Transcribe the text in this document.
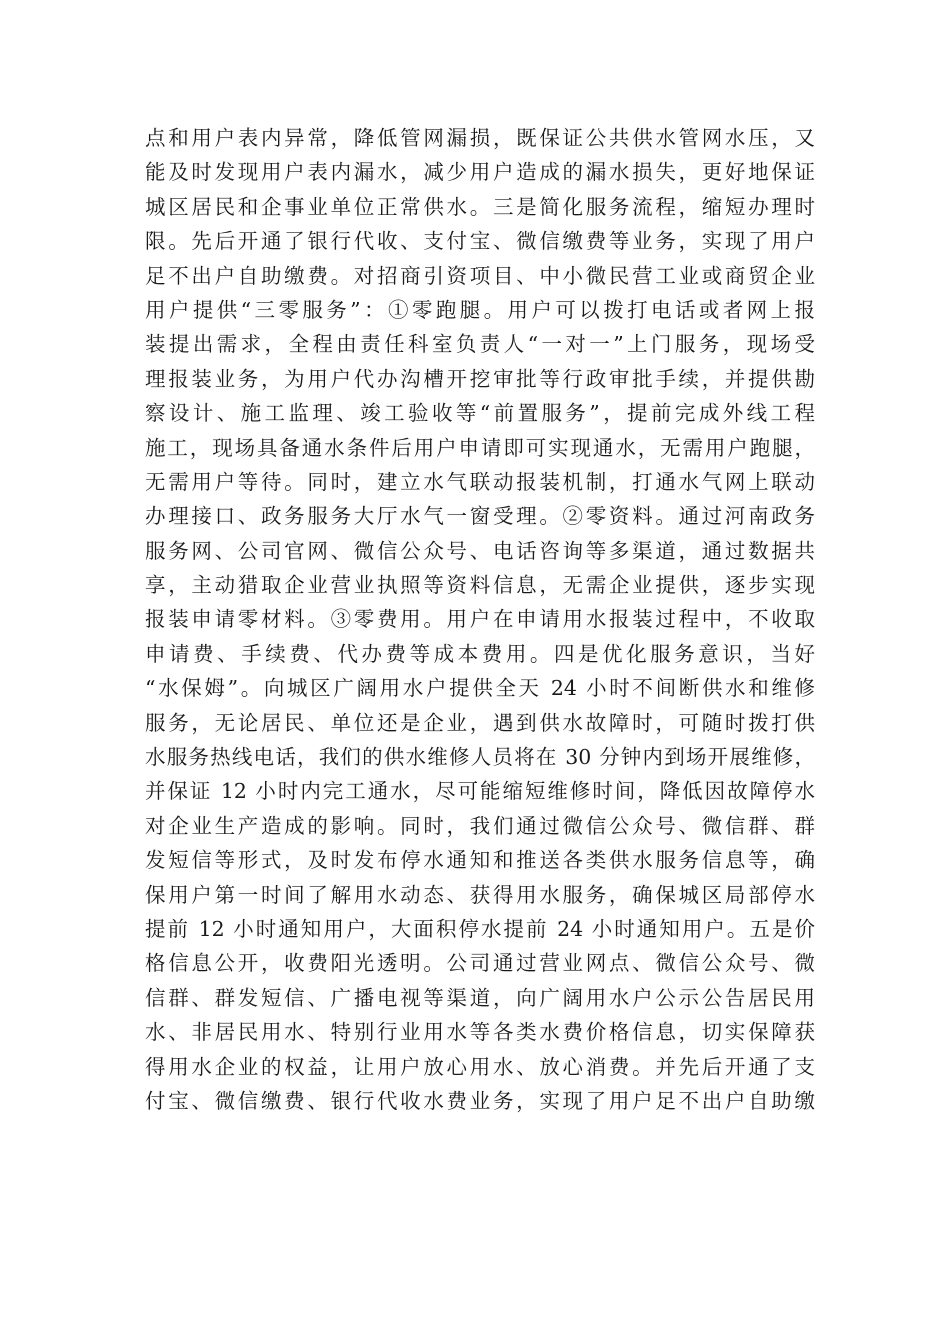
点和用户表内异常，降低管网漏损，既保证公共供水管网水压，又
能及时发现用户表内漏水，减少用户造成的漏水损失，更好地保证
城区居民和企事业单位正常供水。三是简化服务流程，缩短办理时
限。先后开通了银行代收、支付宝、微信缴费等业务，实现了用户
足不出户自助缴费。对招商引资项目、中小微民营工业或商贸企业
用户提供“三零服务”：①零跑腿。用户可以拨打电话或者网上报
装提出需求，全程由责任科室负责人“一对一”上门服务，现场受
理报装业务，为用户代办沟槽开挖审批等行政审批手续，并提供勘
察设计、施工监理、竣工验收等“前置服务”，提前完成外线工程
施工，现场具备通水条件后用户申请即可实现通水，无需用户跑腿，
无需用户等待。同时，建立水气联动报装机制，打通水气网上联动
办理接口、政务服务大厅水气一窗受理。②零资料。通过河南政务
服务网、公司官网、微信公众号、电话咨询等多渠道，通过数据共
享，主动猎取企业营业执照等资料信息，无需企业提供，逐步实现
报装申请零材料。③零费用。用户在申请用水报装过程中，不收取
申请费、手续费、代办费等成本费用。四是优化服务意识，当好
“水保姆”。向城区广阔用水户提供全天 24 小时不间断供水和维修
服务，无论居民、单位还是企业，遇到供水故障时，可随时拨打供
水服务热线电话，我们的供水维修人员将在 30 分钟内到场开展维修，
并保证 12 小时内完工通水，尽可能缩短维修时间，降低因故障停水
对企业生产造成的影响。同时，我们通过微信公众号、微信群、群
发短信等形式，及时发布停水通知和推送各类供水服务信息等，确
保用户第一时间了解用水动态、获得用水服务，确保城区局部停水
提前 12 小时通知用户，大面积停水提前 24 小时通知用户。五是价
格信息公开，收费阳光透明。公司通过营业网点、微信公众号、微
信群、群发短信、广播电视等渠道，向广阔用水户公示公告居民用
水、非居民用水、特别行业用水等各类水费价格信息，切实保障获
得用水企业的权益，让用户放心用水、放心消费。并先后开通了支
付宝、微信缴费、银行代收水费业务，实现了用户足不出户自助缴
